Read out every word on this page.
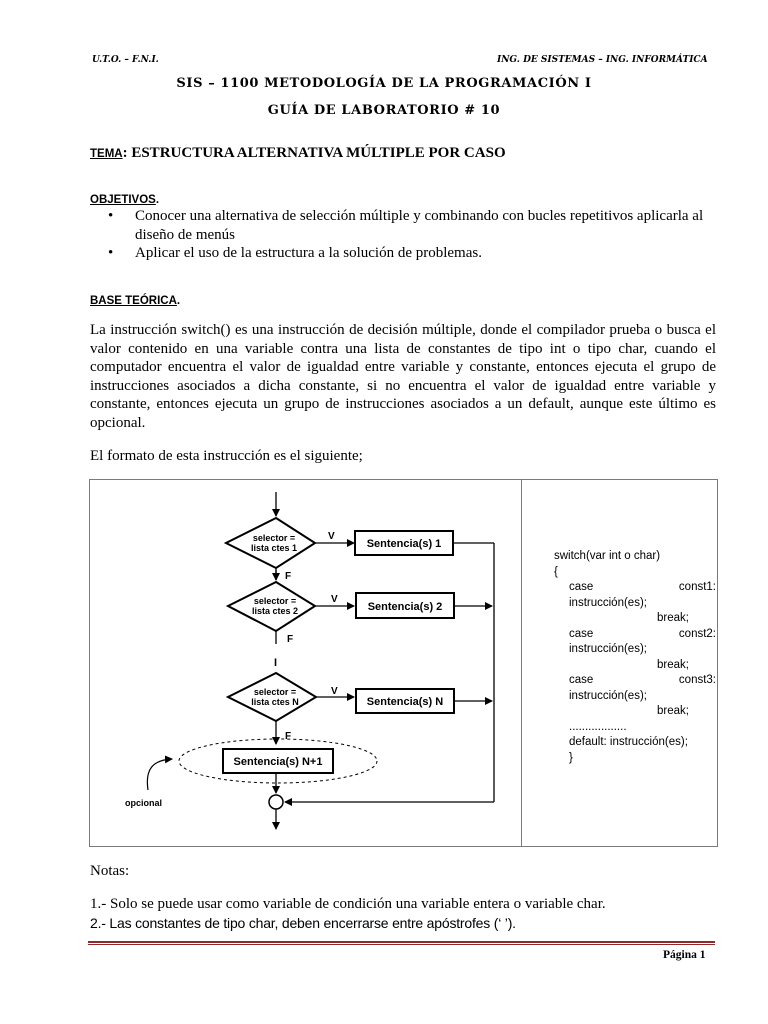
U.T.O. – F.N.I.	ING. DE SISTEMAS – ING. INFORMÁTICA
SIS – 1100 METODOLOGÍA DE LA PROGRAMACIÓN I
GUÍA DE LABORATORIO # 10
TEMA: ESTRUCTURA ALTERNATIVA MÚLTIPLE POR CASO
OBJETIVOS.
•	Conocer una alternativa de selección múltiple y combinando con bucles repetitivos aplicarla al diseño de menús
•	Aplicar el uso de la estructura a la solución de problemas.
BASE TEÓRICA.
La instrucción switch() es una instrucción de decisión múltiple, donde el compilador prueba o busca el valor contenido en una variable contra una lista de constantes de tipo int o tipo char, cuando el computador encuentra el valor de igualdad entre variable y constante, entonces ejecuta el grupo de instrucciones asociados a dicha constante, si no encuentra el valor de igualdad entre variable y constante, entonces ejecuta un grupo de instrucciones asociados a un default, aunque este último es opcional.
El formato de esta instrucción es el siguiente;
selector =
lista ctes 1
selector =
lista ctes 2
selector =
lista ctes N
Sentencia(s) 1
Sentencia(s) 2
Sentencia(s) N
Sentencia(s) N+1
V
V
V
F
F
F
I
opcional
switch(var int o char)
{
case	const1:
instrucción(es);
break;
case	const2:
instrucción(es);
break;
case	const3:
instrucción(es);
break;
..................
default: instrucción(es);
}
Notas:
1.- Solo se puede usar como variable de condición una variable entera o variable char.
2.- Las constantes de tipo char, deben encerrarse entre apóstrofes (‘ ’).
Página 1
